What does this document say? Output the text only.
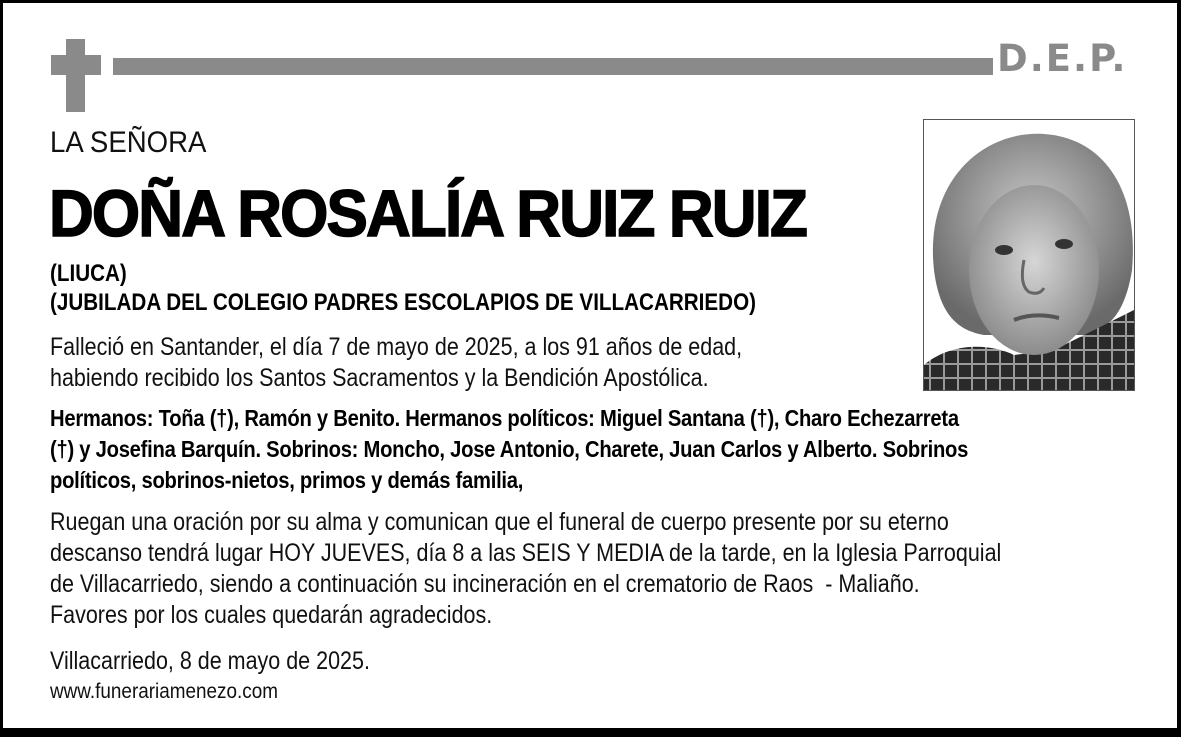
D.E.P.
LA SEÑORA
DOÑA ROSALÍA RUIZ RUIZ
(LIUCA)
(JUBILADA DEL COLEGIO PADRES ESCOLAPIOS DE VILLACARRIEDO)
Falleció en Santander, el día 7 de mayo de 2025, a los 91 años de edad,
habiendo recibido los Santos Sacramentos y la Bendición Apostólica.
Hermanos: Toña (†), Ramón y Benito. Hermanos políticos: Miguel Santana (†), Charo Echezarreta
(†) y Josefina Barquín. Sobrinos: Moncho, Jose Antonio, Charete, Juan Carlos y Alberto. Sobrinos
políticos, sobrinos-nietos, primos y demás familia,
Ruegan una oración por su alma y comunican que el funeral de cuerpo presente por su eterno
descanso tendrá lugar HOY JUEVES, día 8 a las SEIS Y MEDIA de la tarde, en la Iglesia Parroquial
de Villacarriedo, siendo a continuación su incineración en el crematorio de Raos  - Maliaño.
Favores por los cuales quedarán agradecidos.
Villacarriedo, 8 de mayo de 2025.
www.funerariamenezo.com
